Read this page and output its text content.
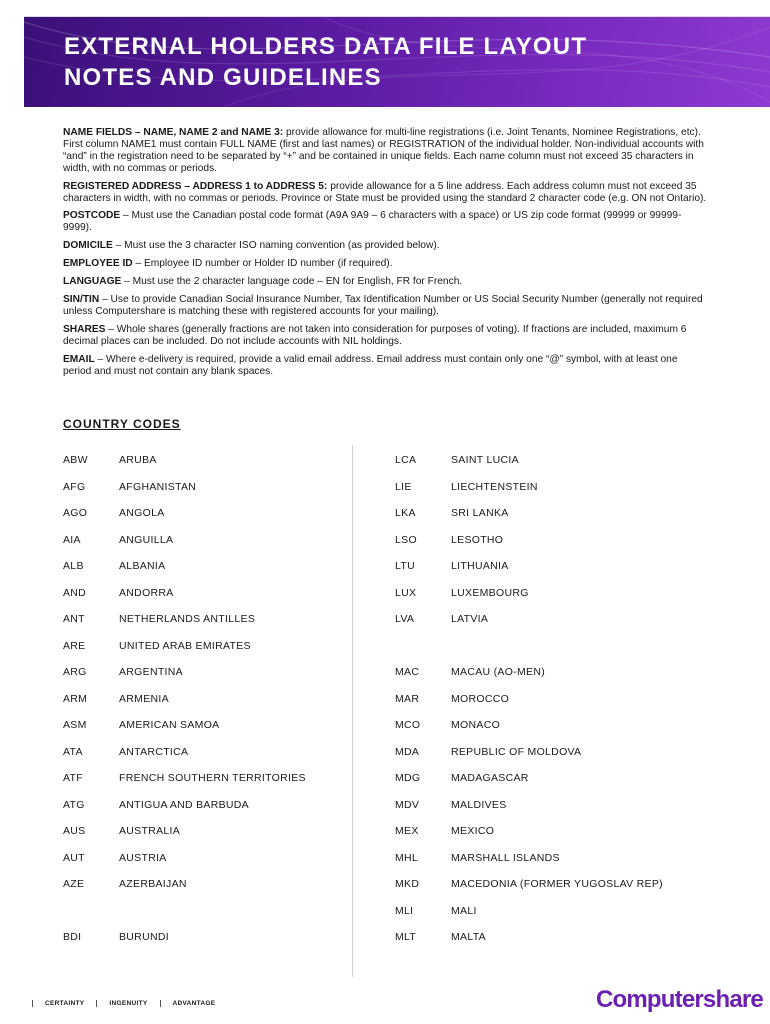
EXTERNAL HOLDERS DATA FILE LAYOUT
NOTES AND GUIDELINES

NAME FIELDS – NAME, NAME 2 and NAME 3: provide allowance for multi-line registrations (i.e. Joint Tenants, Nominee Registrations, etc). First column NAME1 must contain FULL NAME (first and last names) or REGISTRATION of the individual holder. Non-individual accounts with “and” in the registration need to be separated by “+” and be contained in unique fields. Each name column must not exceed 35 characters in width, with no commas or periods.

REGISTERED ADDRESS – ADDRESS 1 to ADDRESS 5: provide allowance for a 5 line address. Each address column must not exceed 35 characters in width, with no commas or periods. Province or State must be provided using the standard 2 character code (e.g. ON not Ontario).

POSTCODE – Must use the Canadian postal code format (A9A 9A9 – 6 characters with a space) or US zip code format (99999 or 99999-9999).

DOMICILE – Must use the 3 character ISO naming convention (as provided below).

EMPLOYEE ID – Employee ID number or Holder ID number (if required).

LANGUAGE – Must use the 2 character language code – EN for English, FR for French.

SIN/TIN – Use to provide Canadian Social Insurance Number, Tax Identification Number or US Social Security Number (generally not required unless Computershare is matching these with registered accounts for your mailing).

SHARES – Whole shares (generally fractions are not taken into consideration for purposes of voting). If fractions are included, maximum 6 decimal places can be included. Do not include accounts with NIL holdings.

EMAIL – Where e-delivery is required, provide a valid email address. Email address must contain only one “@” symbol, with at least one period and must not contain any blank spaces.

COUNTRY CODES
ABW	ARUBA
AFG	AFGHANISTAN
AGO	ANGOLA
AIA	ANGUILLA
ALB	ALBANIA
AND	ANDORRA
ANT	NETHERLANDS ANTILLES
ARE	UNITED ARAB EMIRATES
ARG	ARGENTINA
ARM	ARMENIA
ASM	AMERICAN SAMOA
ATA	ANTARCTICA
ATF	FRENCH SOUTHERN TERRITORIES
ATG	ANTIGUA AND BARBUDA
AUS	AUSTRALIA
AUT	AUSTRIA
AZE	AZERBAIJAN
BDI	BURUNDI
LCA	SAINT LUCIA
LIE	LIECHTENSTEIN
LKA	SRI LANKA
LSO	LESOTHO
LTU	LITHUANIA
LUX	LUXEMBOURG
LVA	LATVIA
MAC	MACAU (AO-MEN)
MAR	MOROCCO
MCO	MONACO
MDA	REPUBLIC OF MOLDOVA
MDG	MADAGASCAR
MDV	MALDIVES
MEX	MEXICO
MHL	MARSHALL ISLANDS
MKD	MACEDONIA (FORMER YUGOSLAV REP)
MLI	MALI
MLT	MALTA
CERTAINTY	INGENUITY	ADVANTAGE	Computershare
